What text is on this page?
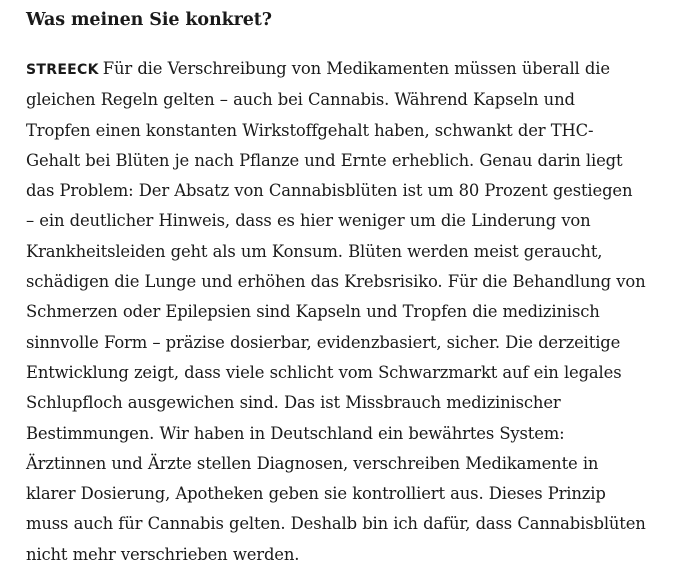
Was meinen Sie konkret?

STREECK Für die Verschreibung von Medikamenten müssen überall die
gleichen Regeln gelten – auch bei Cannabis. Während Kapseln und
Tropfen einen konstanten Wirkstoffgehalt haben, schwankt der THC-
Gehalt bei Blüten je nach Pflanze und Ernte erheblich. Genau darin liegt
das Problem: Der Absatz von Cannabisblüten ist um 80 Prozent gestiegen
– ein deutlicher Hinweis, dass es hier weniger um die Linderung von
Krankheitsleiden geht als um Konsum. Blüten werden meist geraucht,
schädigen die Lunge und erhöhen das Krebsrisiko. Für die Behandlung von
Schmerzen oder Epilepsien sind Kapseln und Tropfen die medizinisch
sinnvolle Form – präzise dosierbar, evidenzbasiert, sicher. Die derzeitige
Entwicklung zeigt, dass viele schlicht vom Schwarzmarkt auf ein legales
Schlupfloch ausgewichen sind. Das ist Missbrauch medizinischer
Bestimmungen. Wir haben in Deutschland ein bewährtes System:
Ärztinnen und Ärzte stellen Diagnosen, verschreiben Medikamente in
klarer Dosierung, Apotheken geben sie kontrolliert aus. Dieses Prinzip
muss auch für Cannabis gelten. Deshalb bin ich dafür, dass Cannabisblüten
nicht mehr verschrieben werden.
